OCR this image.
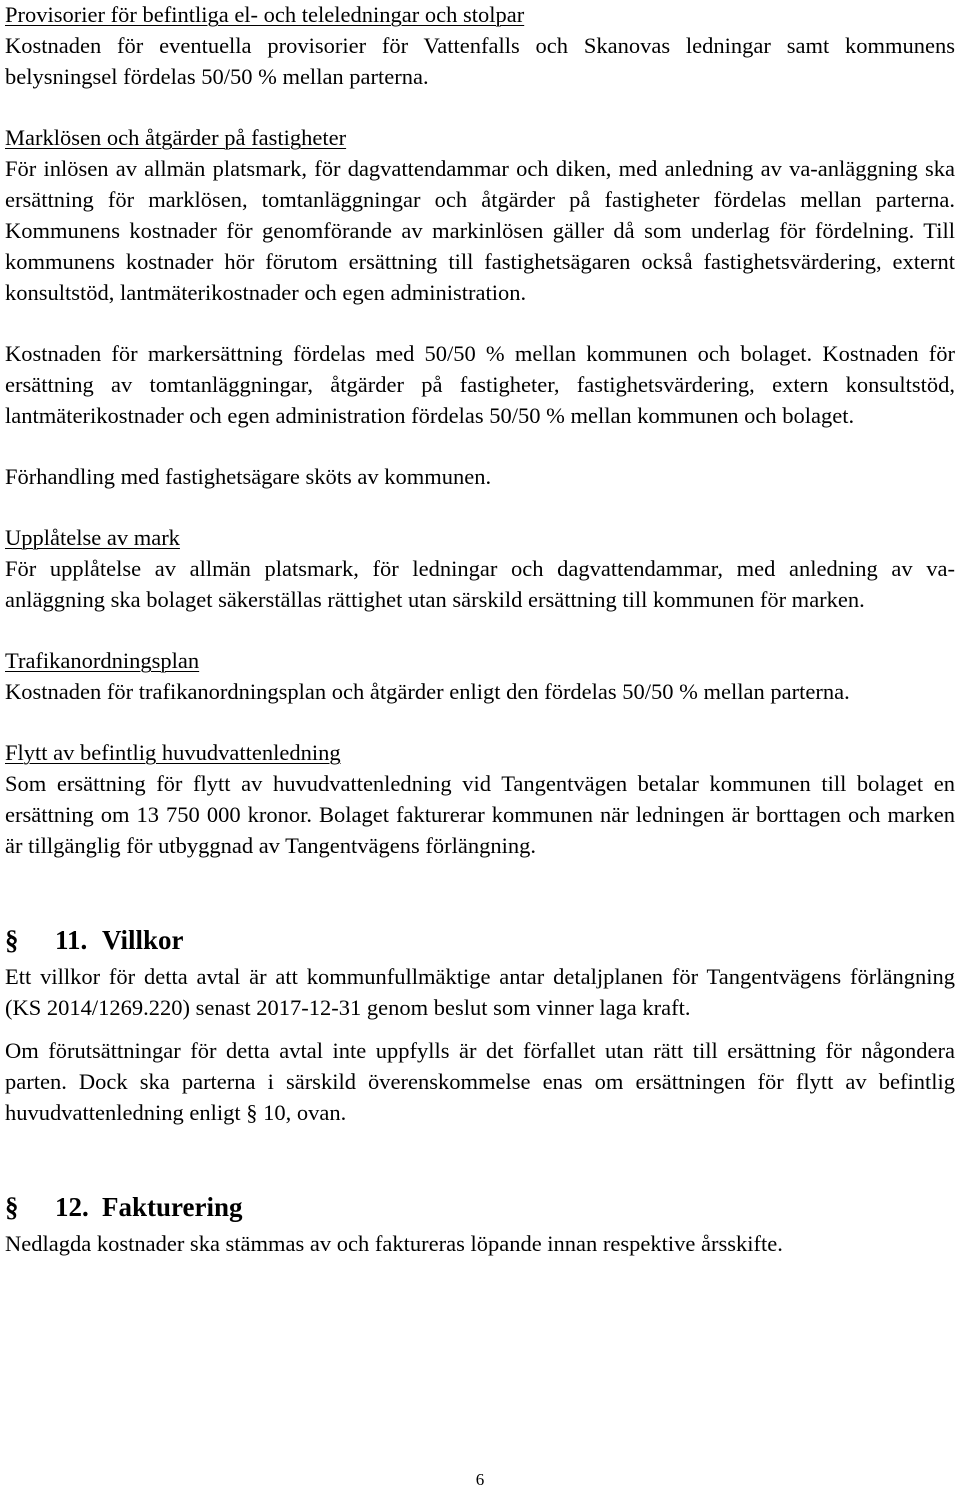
Provisorier för befintliga el- och teleledningar och stolpar

Kostnaden för eventuella provisorier för Vattenfalls och Skanovas ledningar samt kommunens belysningsel fördelas 50/50 % mellan parterna.

Marklösen och åtgärder på fastigheter

För inlösen av allmän platsmark, för dagvattendammar och diken, med anledning av va-anläggning ska ersättning för marklösen, tomtanläggningar och åtgärder på fastigheter fördelas mellan parterna. Kommunens kostnader för genomförande av markinlösen gäller då som underlag för fördelning. Till kommunens kostnader hör förutom ersättning till fastighetsägaren också fastighetsvärdering, externt konsultstöd, lantmäterikostnader och egen administration.

Kostnaden för markersättning fördelas med 50/50 % mellan kommunen och bolaget. Kostnaden för ersättning av tomtanläggningar, åtgärder på fastigheter, fastighetsvärdering, extern konsultstöd, lantmäterikostnader och egen administration fördelas 50/50 % mellan kommunen och bolaget.

Förhandling med fastighetsägare sköts av kommunen.

Upplåtelse av mark

För upplåtelse av allmän platsmark, för ledningar och dagvattendammar, med anledning av va-anläggning ska bolaget säkerställas rättighet utan särskild ersättning till kommunen för marken.

Trafikanordningsplan

Kostnaden för trafikanordningsplan och åtgärder enligt den fördelas 50/50 % mellan parterna.

Flytt av befintlig huvudvattenledning

Som ersättning för flytt av huvudvattenledning vid Tangentvägen betalar kommunen till bolaget en ersättning om 13 750 000 kronor. Bolaget fakturerar kommunen när ledningen är borttagen och marken är tillgänglig för utbyggnad av Tangentvägens förlängning.

§ 11. Villkor

Ett villkor för detta avtal är att kommunfullmäktige antar detaljplanen för Tangentvägens förlängning (KS 2014/1269.220) senast 2017-12-31 genom beslut som vinner laga kraft.

Om förutsättningar för detta avtal inte uppfylls är det förfallet utan rätt till ersättning för någondera parten. Dock ska parterna i särskild överenskommelse enas om ersättningen för flytt av befintlig huvudvattenledning enligt § 10, ovan.

§ 12. Fakturering

Nedlagda kostnader ska stämmas av och faktureras löpande innan respektive årsskifte.

6
